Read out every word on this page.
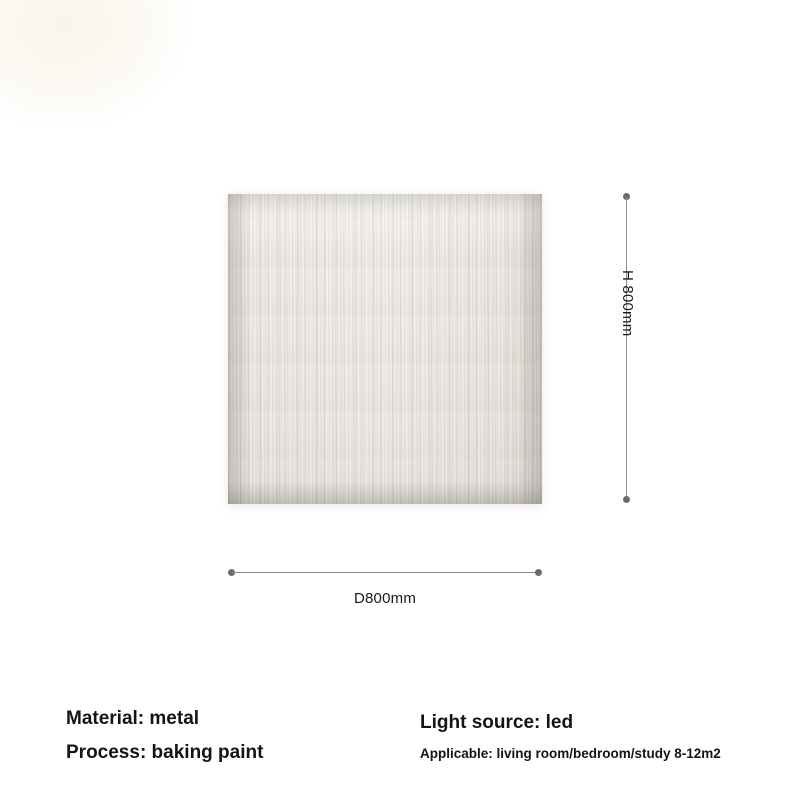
H 800mm
D800mm
Material: metal
Process: baking paint
Light source: led
Applicable: living room/bedroom/study 8-12m2
